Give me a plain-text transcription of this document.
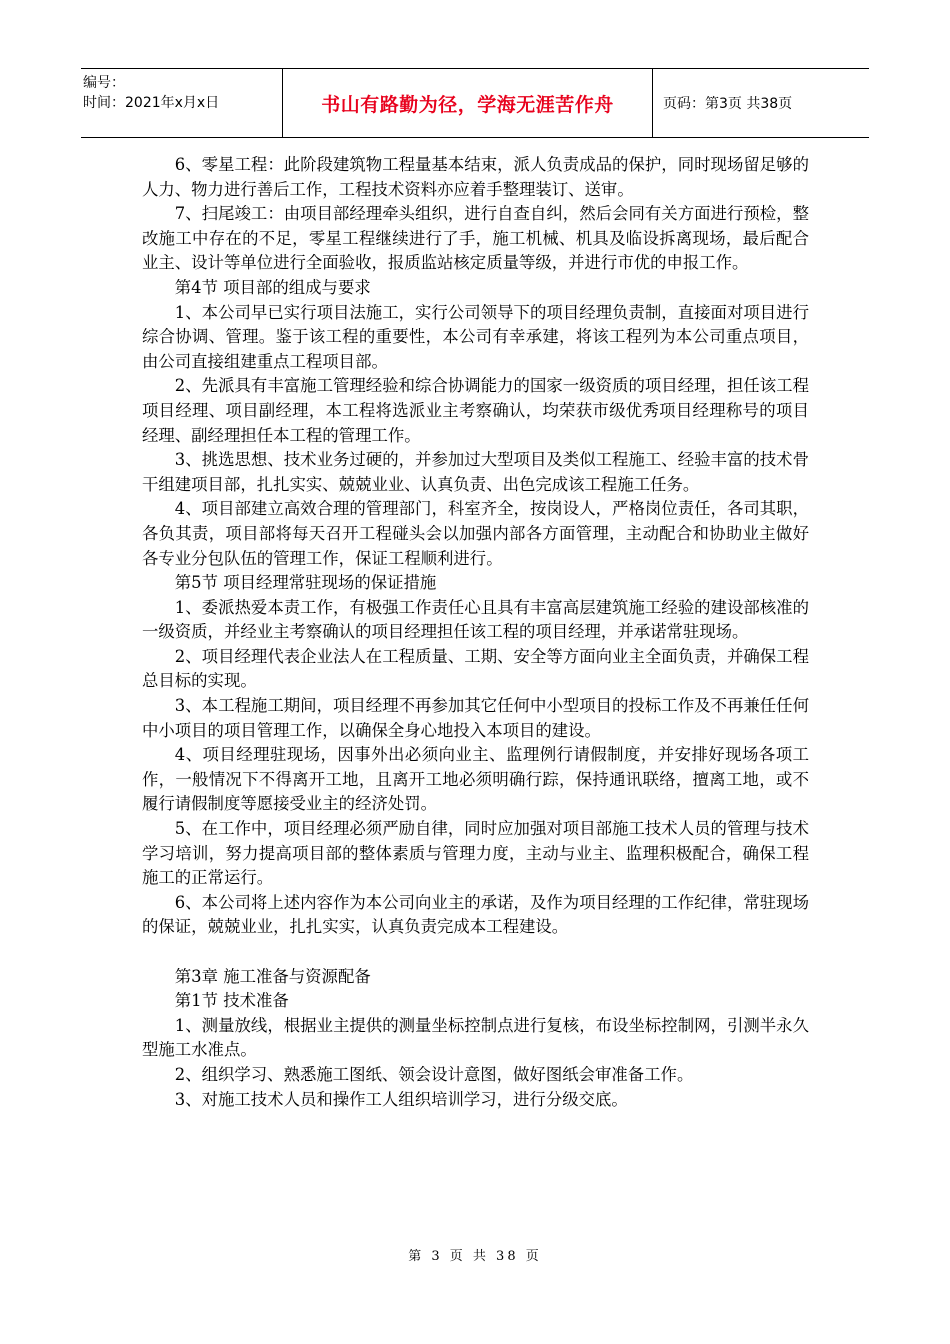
编号：
时间：2021年x月x日	书山有路勤为径，学海无涯苦作舟	页码：第3页 共38页

6、零星工程：此阶段建筑物工程量基本结束，派人负责成品的保护，同时现场留足够的人力、物力进行善后工作，工程技术资料亦应着手整理装订、送审。

7、扫尾竣工：由项目部经理牵头组织，进行自查自纠，然后会同有关方面进行预检，整改施工中存在的不足，零星工程继续进行了手，施工机械、机具及临设拆离现场，最后配合业主、设计等单位进行全面验收，报质监站核定质量等级，并进行市优的申报工作。

第4节 项目部的组成与要求

1、本公司早已实行项目法施工，实行公司领导下的项目经理负责制，直接面对项目进行综合协调、管理。鉴于该工程的重要性，本公司有幸承建，将该工程列为本公司重点项目，由公司直接组建重点工程项目部。

2、先派具有丰富施工管理经验和综合协调能力的国家一级资质的项目经理，担任该工程项目经理、项目副经理，本工程将选派业主考察确认，均荣获市级优秀项目经理称号的项目经理、副经理担任本工程的管理工作。

3、挑选思想、技术业务过硬的，并参加过大型项目及类似工程施工、经验丰富的技术骨干组建项目部，扎扎实实、兢兢业业、认真负责、出色完成该工程施工任务。

4、项目部建立高效合理的管理部门，科室齐全，按岗设人，严格岗位责任，各司其职，各负其责，项目部将每天召开工程碰头会以加强内部各方面管理，主动配合和协助业主做好各专业分包队伍的管理工作，保证工程顺利进行。

第5节 项目经理常驻现场的保证措施

1、委派热爱本责工作，有极强工作责任心且具有丰富高层建筑施工经验的建设部核准的一级资质，并经业主考察确认的项目经理担任该工程的项目经理，并承诺常驻现场。

2、项目经理代表企业法人在工程质量、工期、安全等方面向业主全面负责，并确保工程总目标的实现。

3、本工程施工期间，项目经理不再参加其它任何中小型项目的投标工作及不再兼任任何中小项目的项目管理工作，以确保全身心地投入本项目的建设。

4、项目经理驻现场，因事外出必须向业主、监理例行请假制度，并安排好现场各项工作，一般情况下不得离开工地，且离开工地必须明确行踪，保持通讯联络，擅离工地，或不履行请假制度等愿接受业主的经济处罚。

5、在工作中，项目经理必须严励自律，同时应加强对项目部施工技术人员的管理与技术学习培训，努力提高项目部的整体素质与管理力度，主动与业主、监理积极配合，确保工程施工的正常运行。

6、本公司将上述内容作为本公司向业主的承诺，及作为项目经理的工作纪律，常驻现场的保证，兢兢业业，扎扎实实，认真负责完成本工程建设。

第3章 施工准备与资源配备

第1节 技术准备

1、测量放线，根据业主提供的测量坐标控制点进行复核，布设坐标控制网，引测半永久型施工水准点。

2、组织学习、熟悉施工图纸、领会设计意图，做好图纸会审准备工作。

3、对施工技术人员和操作工人组织培训学习，进行分级交底。

第 3 页 共 38 页
